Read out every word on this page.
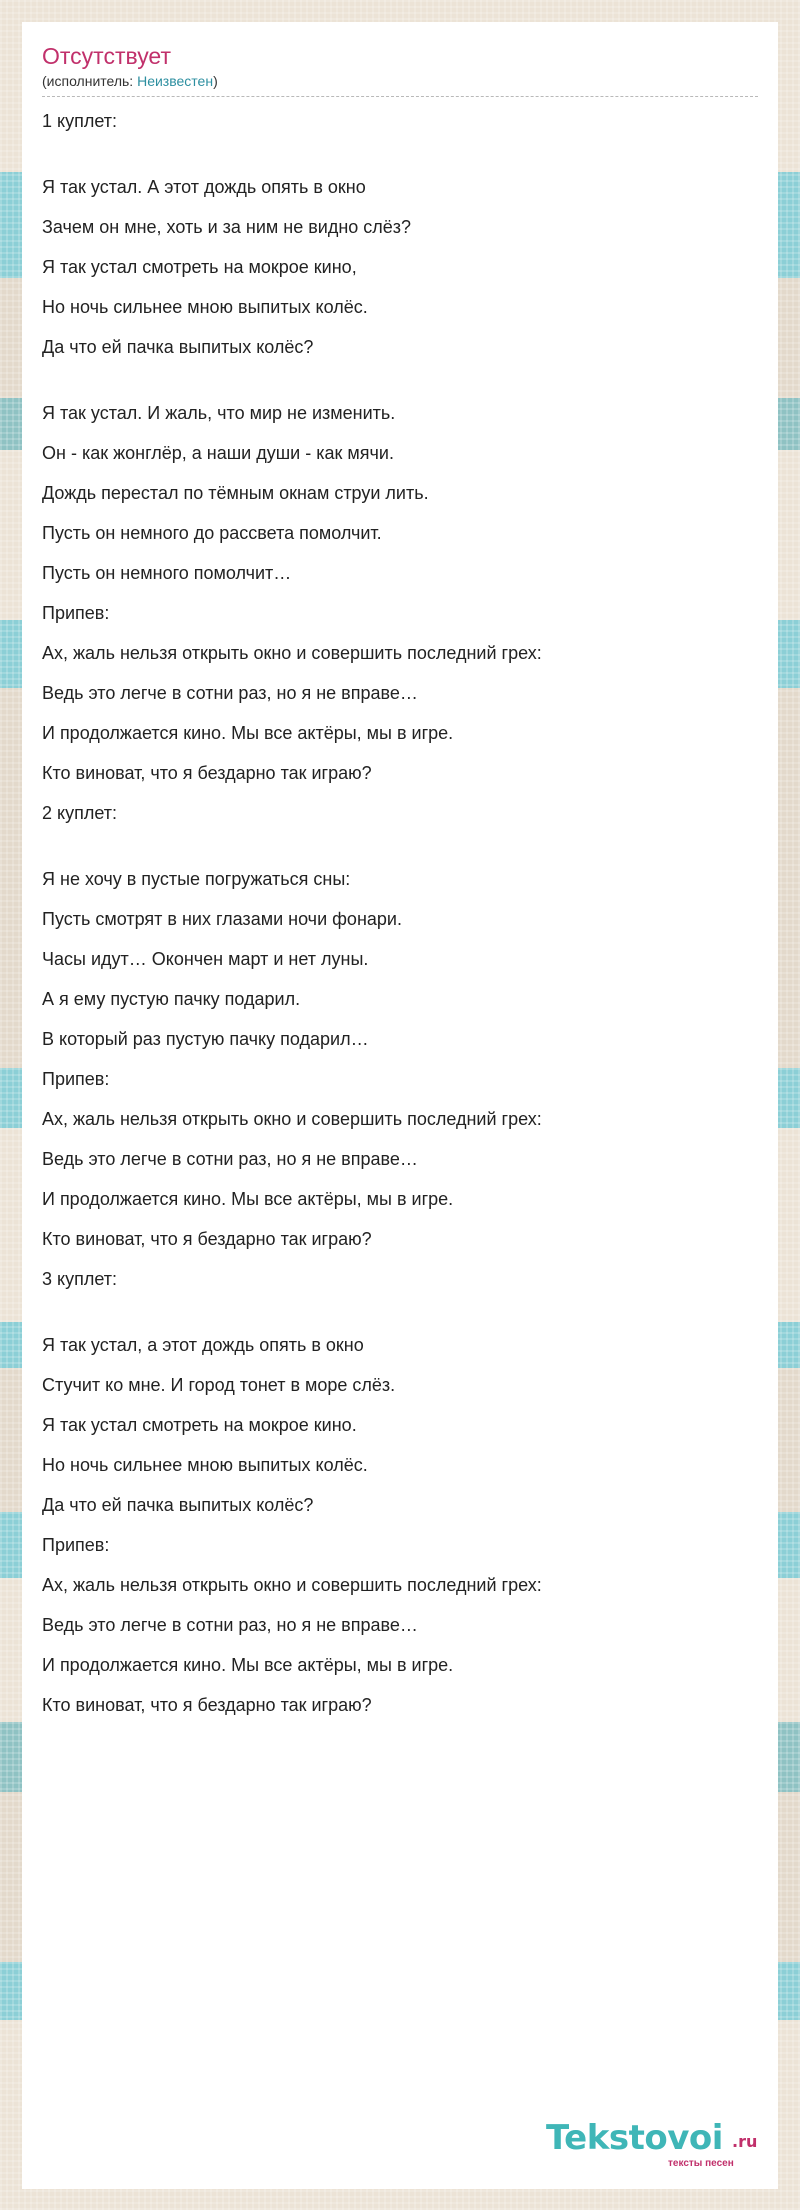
Отсутствует
(исполнитель: Неизвестен)
1 куплет:
Я так устал. А этот дождь опять в окно
Зачем он мне, хоть и за ним не видно слёз?
Я так устал смотреть на мокрое кино,
Но ночь сильнее мною выпитых колёс.
Да что ей пачка выпитых колёс?
Я так устал. И жаль, что мир не изменить.
Он - как жонглёр, а наши души - как мячи.
Дождь перестал по тёмным окнам струи лить.
Пусть он немного до рассвета помолчит.
Пусть он немного помолчит…
Припев:
Ах, жаль нельзя открыть окно и совершить последний грех:
Ведь это легче в сотни раз, но я не вправе…
И продолжается кино. Мы все актёры, мы в игре.
Кто виноват, что я бездарно так играю?
2 куплет:
Я не хочу в пустые погружаться сны:
Пусть смотрят в них глазами ночи фонари.
Часы идут… Окончен март и нет луны.
А я ему пустую пачку подарил.
В который раз пустую пачку подарил…
Припев:
Ах, жаль нельзя открыть окно и совершить последний грех:
Ведь это легче в сотни раз, но я не вправе…
И продолжается кино. Мы все актёры, мы в игре.
Кто виноват, что я бездарно так играю?
3 куплет:
Я так устал, а этот дождь опять в окно
Стучит ко мне. И город тонет в море слёз.
Я так устал смотреть на мокрое кино.
Но ночь сильнее мною выпитых колёс.
Да что ей пачка выпитых колёс?
Припев:
Ах, жаль нельзя открыть окно и совершить последний грех:
Ведь это легче в сотни раз, но я не вправе…
И продолжается кино. Мы все актёры, мы в игре.
Кто виноват, что я бездарно так играю?
Tekstovoi .ru
тексты песен
